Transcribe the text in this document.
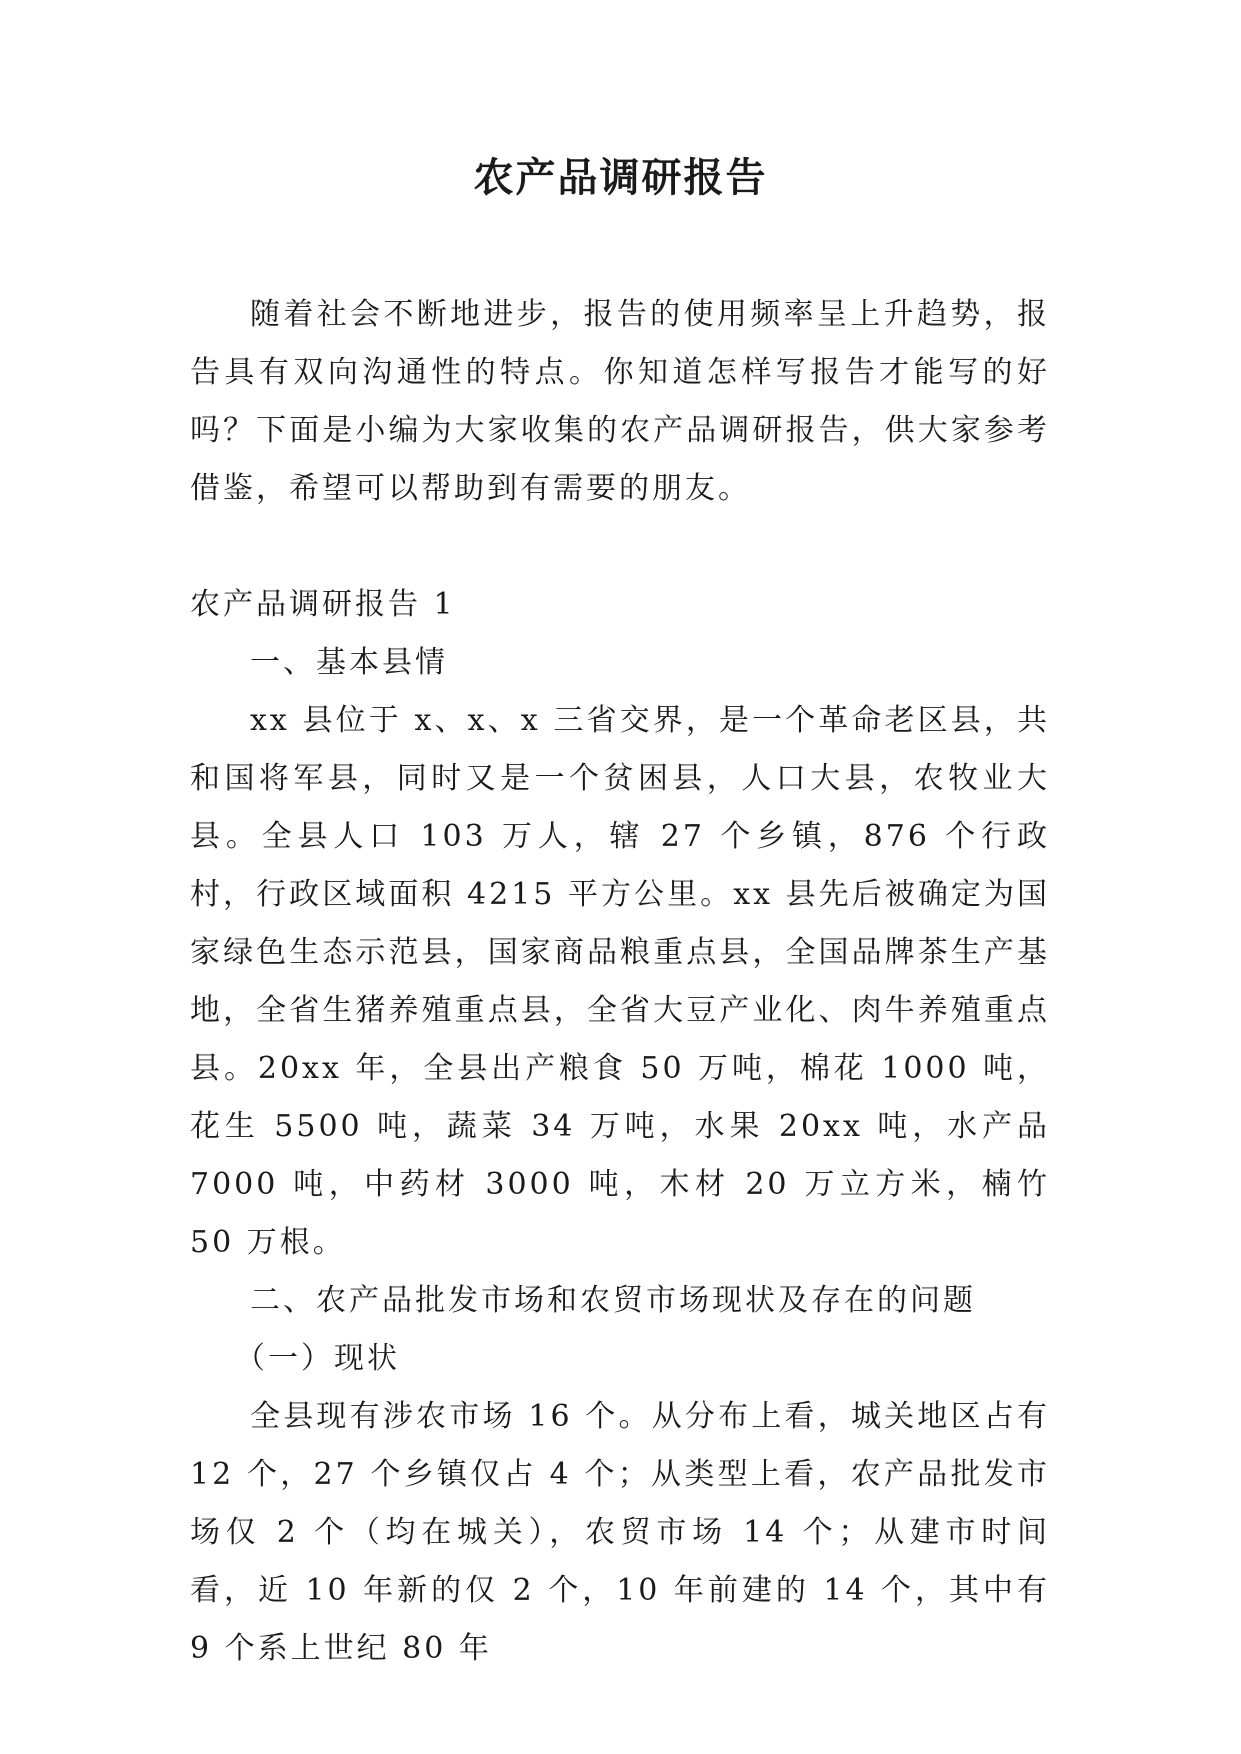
农产品调研报告

随着社会不断地进步，报告的使用频率呈上升趋势，报告具有双向沟通性的特点。你知道怎样写报告才能写的好吗？下面是小编为大家收集的农产品调研报告，供大家参考借鉴，希望可以帮助到有需要的朋友。

农产品调研报告 1

一、基本县情

xx 县位于 x、x、x 三省交界，是一个革命老区县，共和国将军县，同时又是一个贫困县，人口大县，农牧业大县。全县人口 103 万人，辖 27 个乡镇，876 个行政村，行政区域面积 4215 平方公里。xx 县先后被确定为国家绿色生态示范县，国家商品粮重点县，全国品牌茶生产基地，全省生猪养殖重点县，全省大豆产业化、肉牛养殖重点县。20xx 年，全县出产粮食 50 万吨，棉花 1000 吨，花生 5500 吨，蔬菜 34 万吨，水果 20xx 吨，水产品 7000 吨，中药材 3000 吨，木材 20 万立方米，楠竹 50 万根。

二、农产品批发市场和农贸市场现状及存在的问题

（一）现状

全县现有涉农市场 16 个。从分布上看，城关地区占有 12 个，27 个乡镇仅占 4 个；从类型上看，农产品批发市场仅 2 个（均在城关），农贸市场 14 个；从建市时间看，近 10 年新的仅 2 个，10 年前建的 14 个，其中有 9 个系上世纪 80 年
